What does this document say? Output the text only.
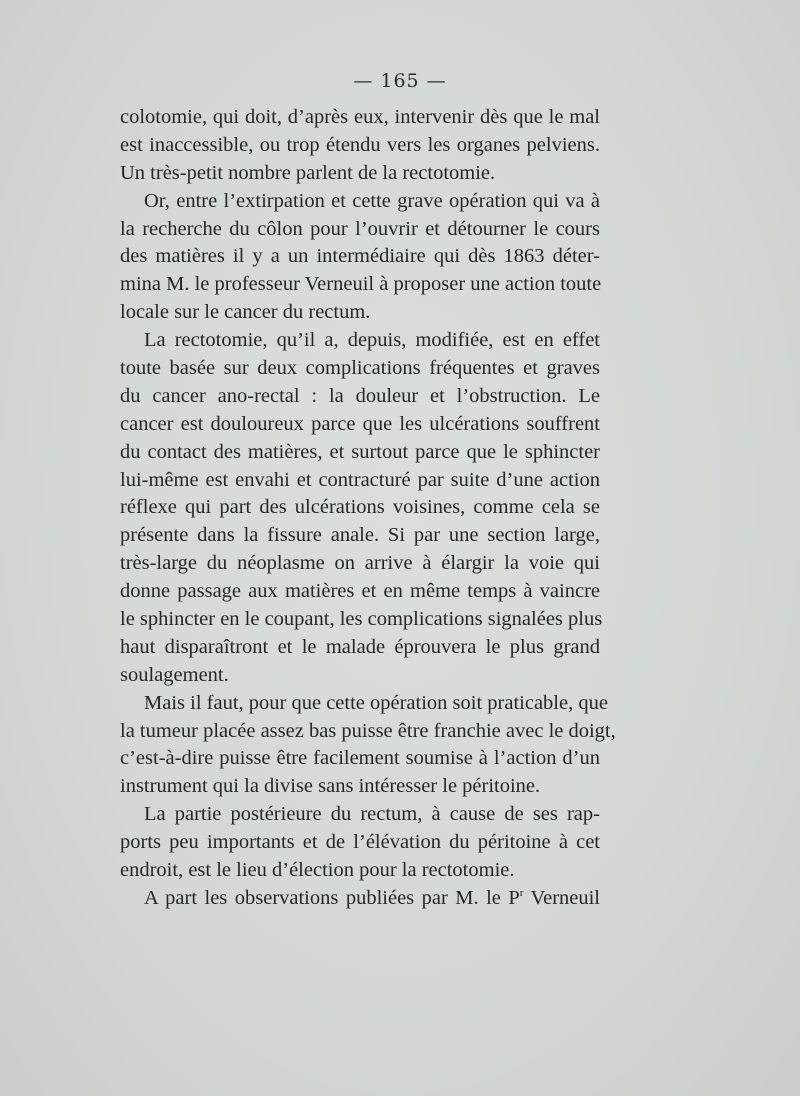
— 165 —
colotomie, qui doit, d’après eux, intervenir dès que le mal
est inaccessible, ou trop étendu vers les organes pelviens.
Un très-petit nombre parlent de la rectotomie.
Or, entre l’extirpation et cette grave opération qui va à
la recherche du côlon pour l’ouvrir et détourner le cours
des matières il y a un intermédiaire qui dès 1863 déter-
mina M. le professeur Verneuil à proposer une action toute
locale sur le cancer du rectum.
La rectotomie, qu’il a, depuis, modifiée, est en effet
toute basée sur deux complications fréquentes et graves
du cancer ano-rectal : la douleur et l’obstruction. Le
cancer est douloureux parce que les ulcérations souffrent
du contact des matières, et surtout parce que le sphincter
lui-même est envahi et contracturé par suite d’une action
réflexe qui part des ulcérations voisines, comme cela se
présente dans la fissure anale. Si par une section large,
très-large du néoplasme on arrive à élargir la voie qui
donne passage aux matières et en même temps à vaincre
le sphincter en le coupant, les complications signalées plus
haut disparaîtront et le malade éprouvera le plus grand
soulagement.
Mais il faut, pour que cette opération soit praticable, que
la tumeur placée assez bas puisse être franchie avec le doigt,
c’est-à-dire puisse être facilement soumise à l’action d’un
instrument qui la divise sans intéresser le péritoine.
La partie postérieure du rectum, à cause de ses rap-
ports peu importants et de l’élévation du péritoine à cet
endroit, est le lieu d’élection pour la rectotomie.
A part les observations publiées par M. le $P^r$ Verneuil
